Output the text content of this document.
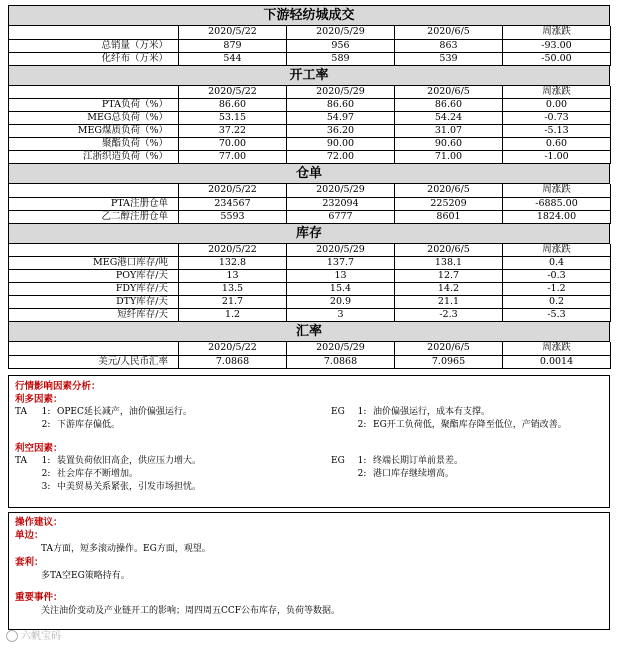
下游轻纺城成交
	2020/5/22	2020/5/29	2020/6/5	周涨跌
总销量（万米）	879	956	863	-93.00
化纤布（万米）	544	589	539	-50.00
开工率
	2020/5/22	2020/5/29	2020/6/5	周涨跌
PTA负荷（%）	86.60	86.60	86.60	0.00
MEG总负荷（%）	53.15	54.97	54.24	-0.73
MEG煤质负荷（%）	37.22	36.20	31.07	-5.13
聚酯负荷（%）	70.00	90.00	90.60	0.60
江浙织造负荷（%）	77.00	72.00	71.00	-1.00
仓单
	2020/5/22	2020/5/29	2020/6/5	周涨跌
PTA注册仓单	234567	232094	225209	-6885.00
乙二醇注册仓单	5593	6777	8601	1824.00
库存
	2020/5/22	2020/5/29	2020/6/5	周涨跌
MEG港口库存/吨	132.8	137.7	138.1	0.4
POY库存/天	13	13	12.7	-0.3
FDY库存/天	13.5	15.4	14.2	-1.2
DTY库存/天	21.7	20.9	21.1	0.2
短纤库存/天	1.2	3	-2.3	-5.3
汇率
	2020/5/22	2020/5/29	2020/6/5	周涨跌
美元/人民币汇率	7.0868	7.0868	7.0965	0.0014
行情影响因素分析：
利多因素：
TA	1: OPEC延长减产，油价偏强运行。
2: 下游库存偏低。
EG	1: 油价偏强运行，成本有支撑。
2: EG开工负荷低，聚酯库存降至低位，产销改善。
利空因素：
TA	1: 装置负荷依旧高企，供应压力增大。
2: 社会库存不断增加。
3: 中美贸易关系紧张，引发市场担忧。
EG	1: 终端长期订单前景差。
2: 港口库存继续增高。
操作建议：
单边：
TA方面，短多滚动操作。EG方面，观望。
套利：
多TA空EG策略持有。
重要事件：
关注油价变动及产业链开工的影响；周四周五CCF公布库存，负荷等数据。
六帆宝码
